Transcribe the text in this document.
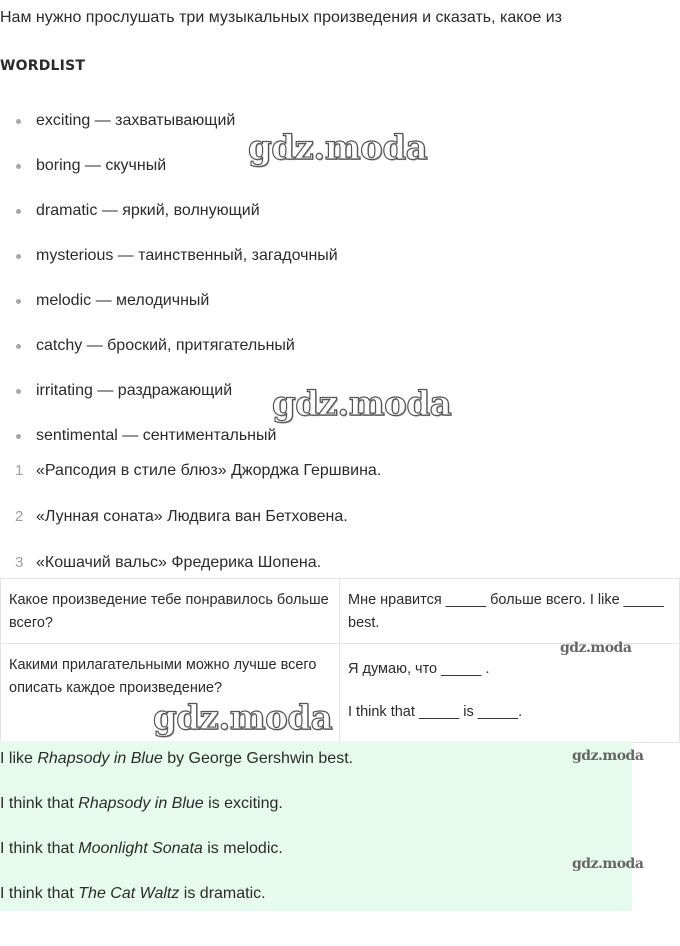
Нам нужно прослушать три музыкальных произведения и сказать, какое из
WORDLIST
exciting — захватывающий
boring — скучный
dramatic — яркий, волнующий
mysterious — таинственный, загадочный
melodic — мелодичный
catchy — броский, притягательный
irritating — раздражающий
sentimental — сентиментальный
1 «Рапсодия в стиле блюз» Джорджа Гершвина.
2 «Лунная соната» Людвига ван Бетховена.
3 «Кошачий вальс» Фредерика Шопена.
Какое произведение тебе понравилось больше всего?	Мне нравится _____ больше всего. I like _____ best.

Какими прилагательными можно лучше всего описать каждое произведение?	Я думаю, что _____ .
I think that _____ is _____.

I like Rhapsody in Blue by George Gershwin best.

I think that Rhapsody in Blue is exciting.

I think that Moonlight Sonata is melodic.

I think that The Cat Waltz is dramatic.

gdz.moda
gdz.moda
gdz.moda
gdz.moda
gdz.moda
gdz.moda
